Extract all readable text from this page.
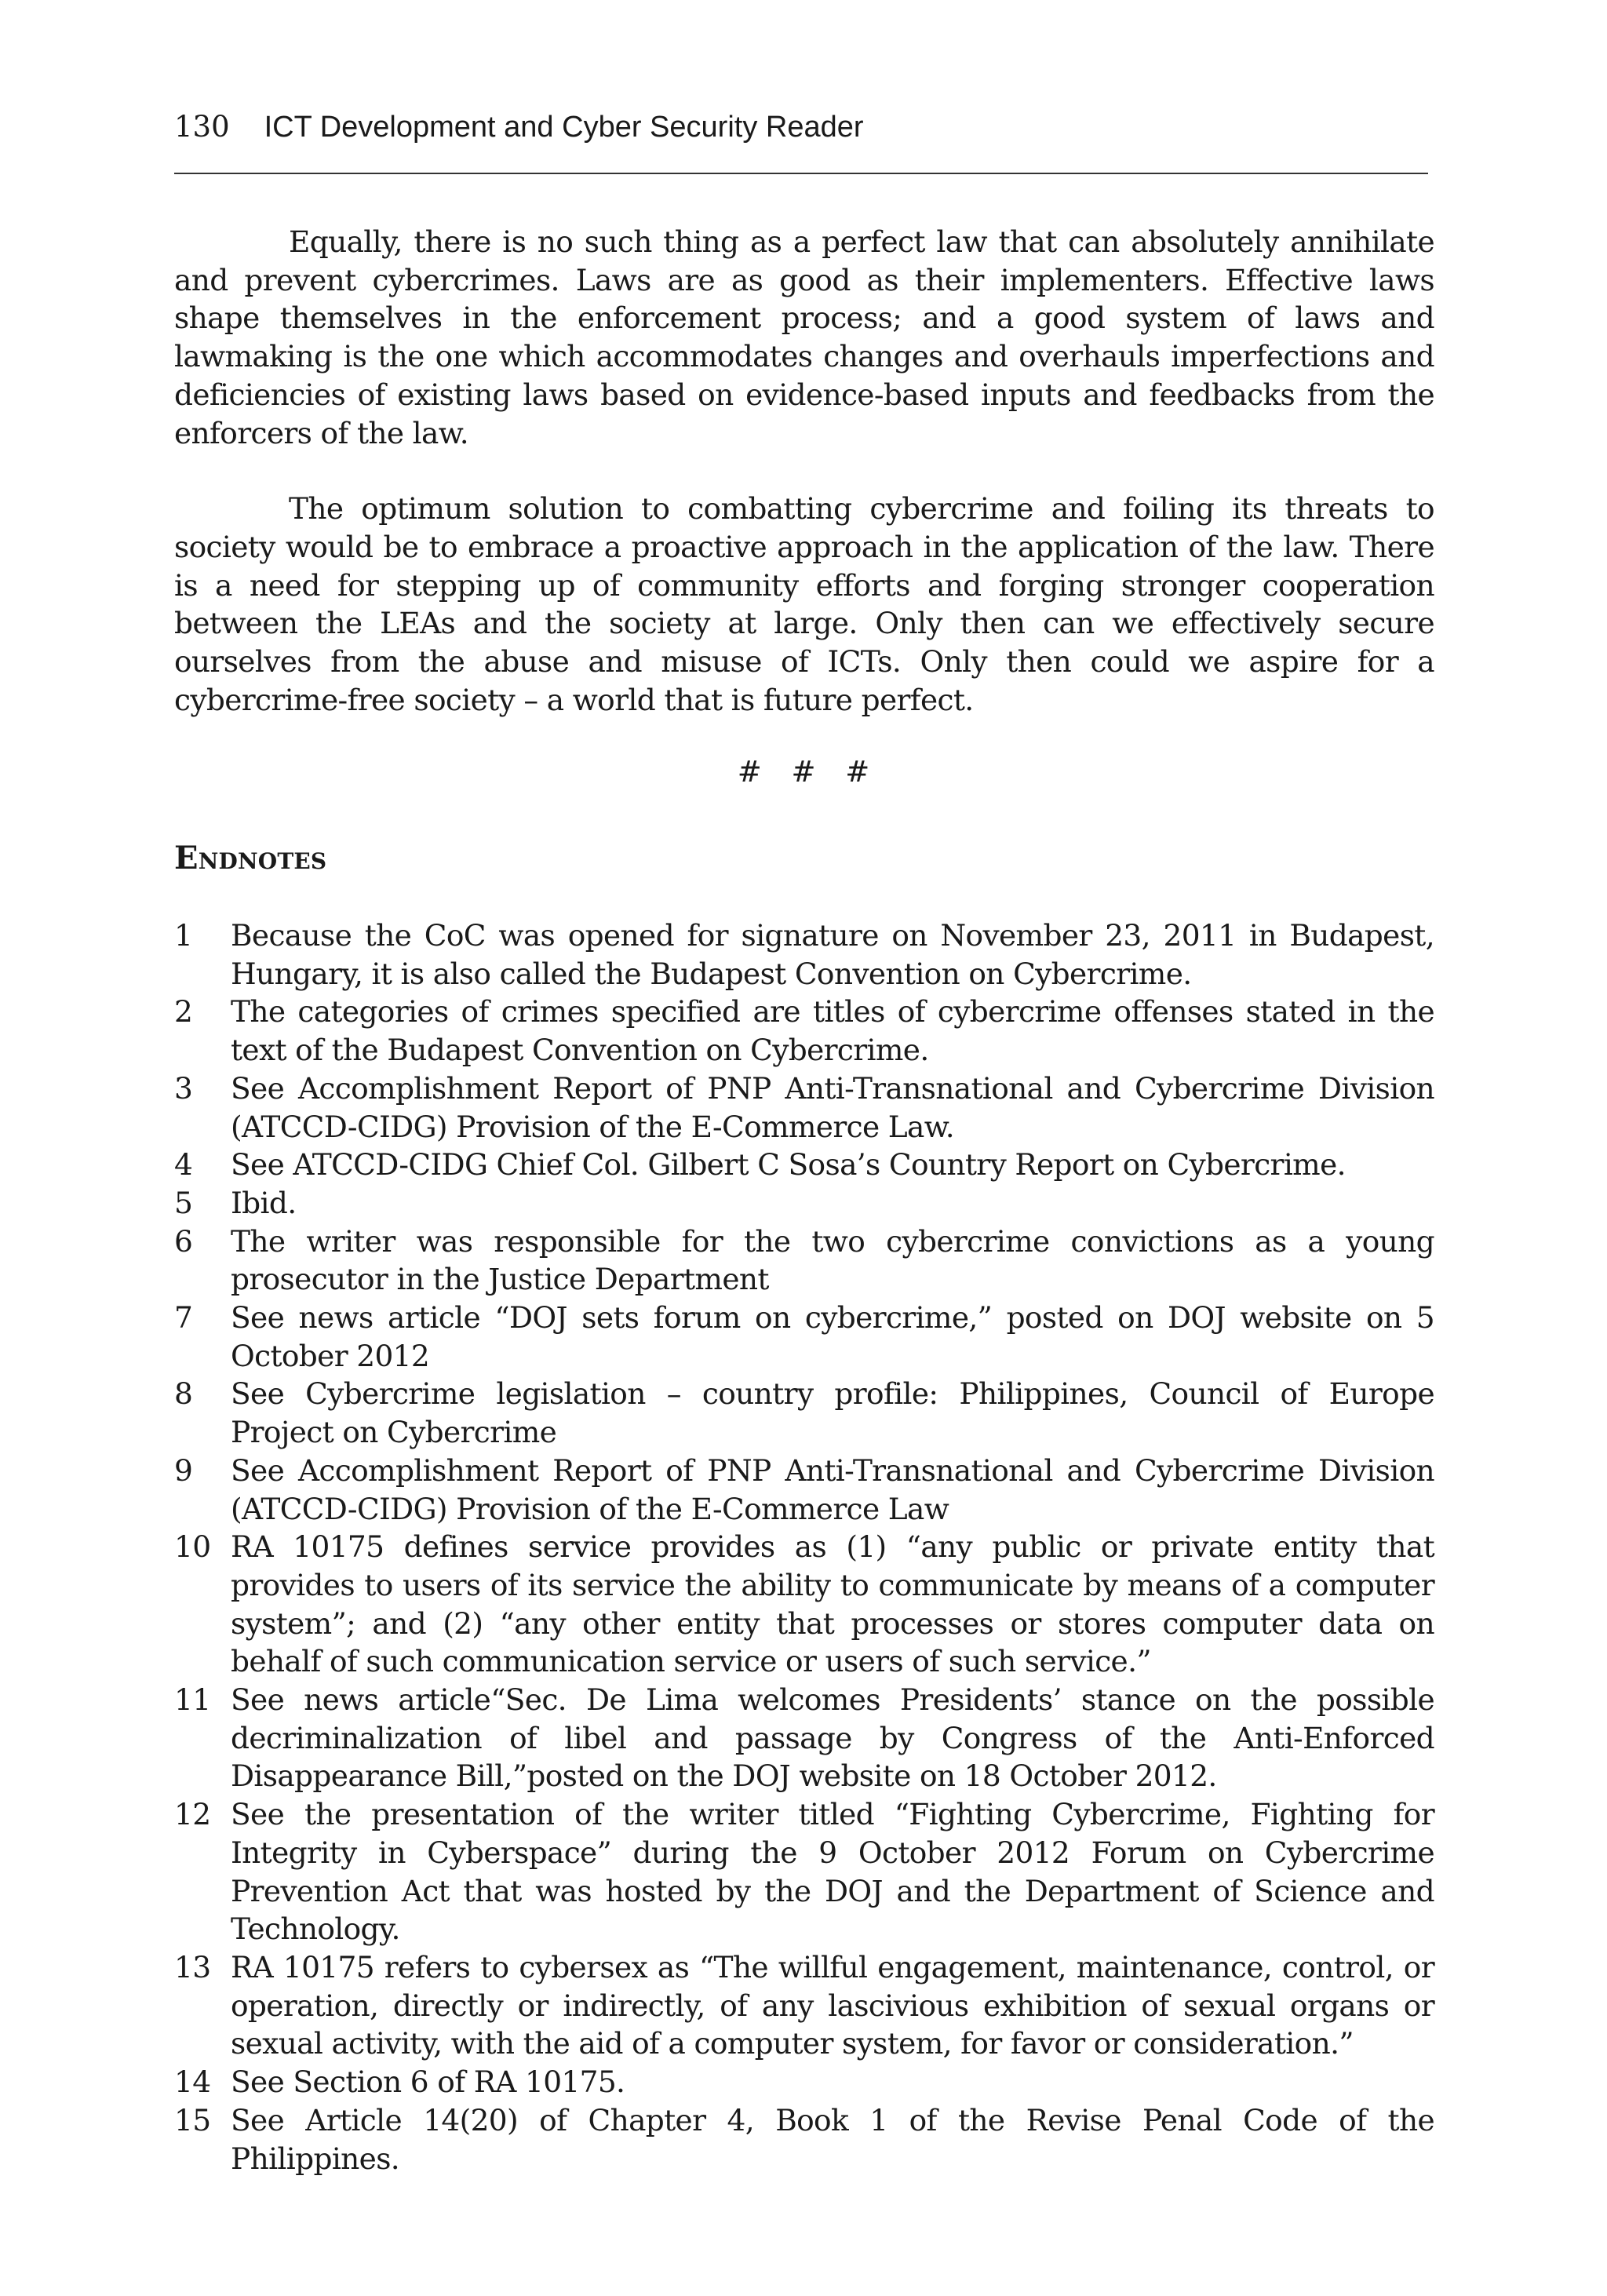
130 ICT Development and Cyber Security Reader

Equally, there is no such thing as a perfect law that can absolutely annihilate and prevent cybercrimes. Laws are as good as their implementers. Effective laws shape themselves in the enforcement process; and a good system of laws and lawmaking is the one which accommodates changes and overhauls imperfections and deficiencies of existing laws based on evidence-based inputs and feedbacks from the enforcers of the law.

The optimum solution to combatting cybercrime and foiling its threats to society would be to embrace a proactive approach in the application of the law. There is a need for stepping up of community efforts and forging stronger cooperation between the LEAs and the society at large. Only then can we effectively secure ourselves from the abuse and misuse of ICTs. Only then could we aspire for a cybercrime-free society – a world that is future perfect.

# # #
Endnotes
1	Because the CoC was opened for signature on November 23, 2011 in Budapest, Hungary, it is also called the Budapest Convention on Cybercrime.
2	The categories of crimes specified are titles of cybercrime offenses stated in the text of the Budapest Convention on Cybercrime.
3	See Accomplishment Report of PNP Anti-Transnational and Cybercrime Division (ATCCD-CIDG) Provision of the E-Commerce Law.
4	See ATCCD-CIDG Chief Col. Gilbert C Sosa’s Country Report on Cybercrime.
5	Ibid.
6	The writer was responsible for the two cybercrime convictions as a young prosecutor in the Justice Department
7	See news article “DOJ sets forum on cybercrime,” posted on DOJ website on 5 October 2012
8	See Cybercrime legislation – country profile: Philippines, Council of Europe Project on Cybercrime
9	See Accomplishment Report of PNP Anti-Transnational and Cybercrime Division (ATCCD-CIDG) Provision of the E-Commerce Law
10 RA 10175 defines service provides as (1) “any public or private entity that provides to users of its service the ability to communicate by means of a computer system”; and (2) “any other entity that processes or stores computer data on behalf of such communication service or users of such service.”
11 See news article“Sec. De Lima welcomes Presidents’ stance on the possible decriminalization of libel and passage by Congress of the Anti-Enforced Disappearance Bill,”posted on the DOJ website on 18 October 2012.
12 See the presentation of the writer titled “Fighting Cybercrime, Fighting for Integrity in Cyberspace” during the 9 October 2012 Forum on Cybercrime Prevention Act that was hosted by the DOJ and the Department of Science and Technology.
13 RA 10175 refers to cybersex as “The willful engagement, maintenance, control, or operation, directly or indirectly, of any lascivious exhibition of sexual organs or sexual activity, with the aid of a computer system, for favor or consideration.”
14 See Section 6 of RA 10175.
15 See Article 14(20) of Chapter 4, Book 1 of the Revise Penal Code of the Philippines.
